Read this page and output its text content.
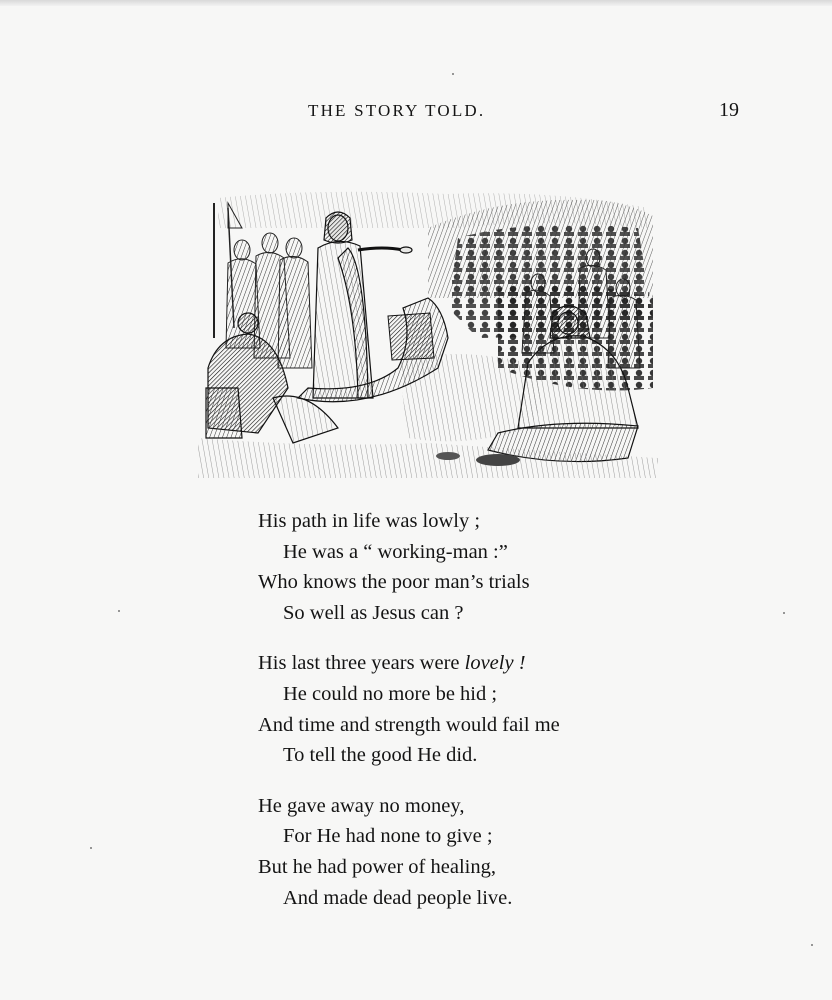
THE STORY TOLD.	19
His path in life was lowly ;
He was a “ working-man :”
Who knows the poor man’s trials
So well as Jesus can ?
His last three years were lovely !
He could no more be hid ;
And time and strength would fail me
To tell the good He did.
He gave away no money,
For He had none to give ;
But he had power of healing,
And made dead people live.
